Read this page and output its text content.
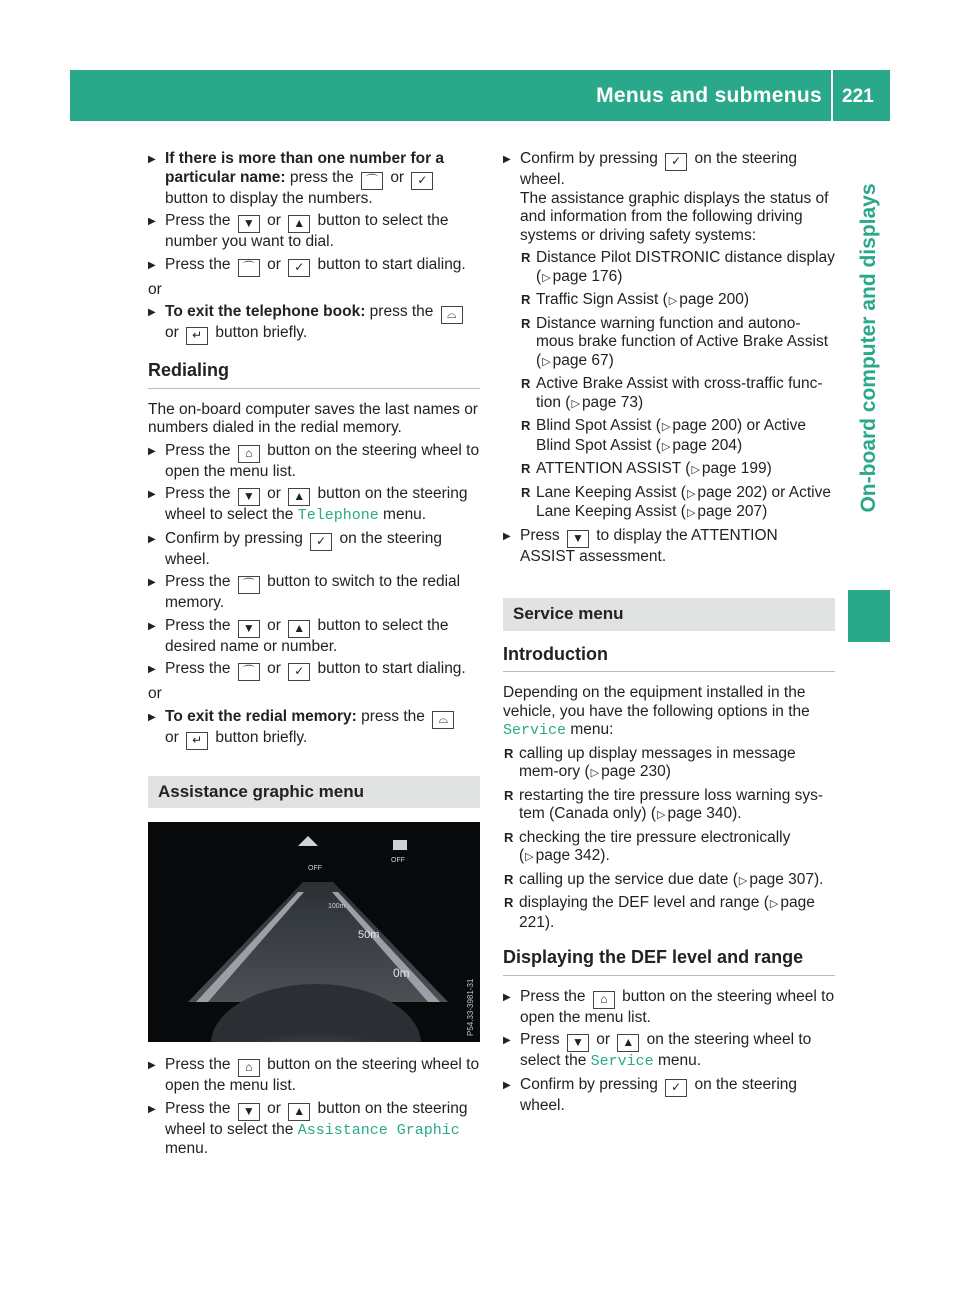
Menus and submenus 221
On-board computer and displays
▶ If there is more than one number for a particular name: press the ⌒ or ✓ button to display the numbers.
▶ Press the ▼ or ▲ button to select the number you want to dial.
▶ Press the ⌒ or ✓ button to start dialing.
or
▶ To exit the telephone book: press the ⌓
or ↵ button briefly.
Redialing
The on-board computer saves the last names or numbers dialed in the redial memory.
▶ Press the ⌂ button on the steering wheel to open the menu list.
▶ Press the ▼ or ▲ button on the steering wheel to select the Telephone menu.
▶ Confirm by pressing ✓ on the steering wheel.
▶ Press the ⌒ button to switch to the redial memory.
▶ Press the ▼ or ▲ button to select the desired name or number.
▶ Press the ⌒ or ✓ button to start dialing.
or
▶ To exit the redial memory: press the ⌓
or ↵ button briefly.
Assistance graphic menu
OFF
OFF
100m
50m
0m
P54.33-3981-31
▶ Press the ⌂ button on the steering wheel to open the menu list.
▶ Press the ▼ or ▲ button on the steering wheel to select the Assistance Graphic menu.
▶ Confirm by pressing ✓ on the steering wheel.
The assistance graphic displays the status of and information from the following driving systems or driving safety systems:
R Distance Pilot DISTRONIC distance display (▷ page 176)
R Traffic Sign Assist (▷ page 200)
R Distance warning function and autono-mous brake function of Active Brake Assist (▷ page 67)
R Active Brake Assist with cross-traffic func-tion (▷ page 73)
R Blind Spot Assist (▷ page 200) or Active Blind Spot Assist (▷ page 204)
R ATTENTION ASSIST (▷ page 199)
R Lane Keeping Assist (▷ page 202) or Active Lane Keeping Assist (▷ page 207)
▶ Press ▼ to display the ATTENTION ASSIST assessment.
Service menu
Introduction
Depending on the equipment installed in the vehicle, you have the following options in the Service menu:
R calling up display messages in message mem-ory (▷ page 230)
R restarting the tire pressure loss warning sys-tem (Canada only) (▷ page 340).
R checking the tire pressure electronically (▷ page 342).
R calling up the service due date (▷ page 307).
R displaying the DEF level and range (▷ page 221).
Displaying the DEF level and range
▶ Press the ⌂ button on the steering wheel to open the menu list.
▶ Press ▼ or ▲ on the steering wheel to select the Service menu.
▶ Confirm by pressing ✓ on the steering wheel.
